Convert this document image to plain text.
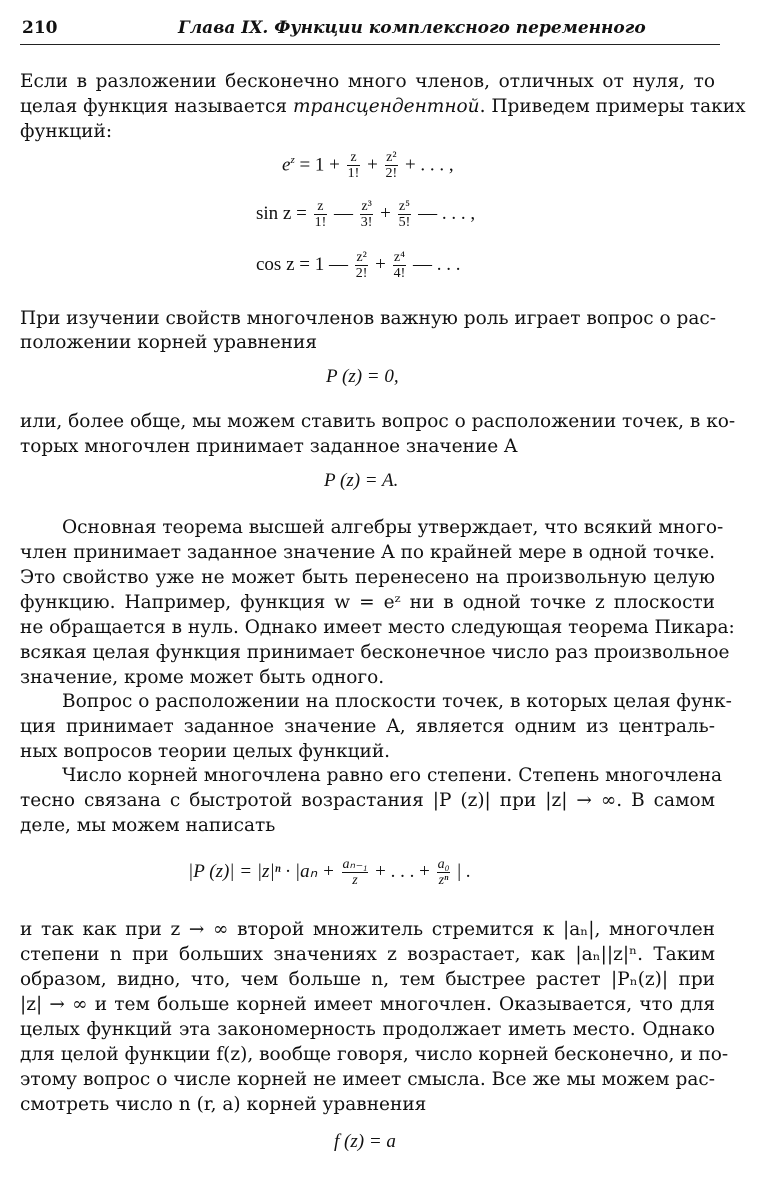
210	Глава IX. Функции комплексного переменного
Если в разложении бесконечно много членов, отличных от нуля, то
целая функция называется трансцендентной. Приведем примеры таких
функций:
$e^z = 1 + \frac{z}{1!} + \frac{\text{z²}}{2!}$ + . . . ,
$\sin z = \frac{z}{1!}$ — $\frac{\text{z³}}{3!} + \frac{\text{z⁵}}{5!}$ — . . . ,
cos z = 1 — $\frac{\text{z²}}{2!} + \frac{\text{z⁴}}{4!}$ — . . .
При изучении свойств многочленов важную роль играет вопрос о рас-
положении корней уравнения
P (z) = 0,
или, более обще, мы можем ставить вопрос о расположении точек, в ко-
торых многочлен принимает заданное значение A
P (z) = A.
Основная теорема высшей алгебры утверждает, что всякий много-
член принимает заданное значение A по крайней мере в одной точке.
Это свойство уже не может быть перенесено на произвольную целую
функцию. Например, функция w = eᶻ ни в одной точке z плоскости
не обращается в нуль. Однако имеет место следующая теорема Пикара:
всякая целая функция принимает бесконечное число раз произвольное
значение, кроме может быть одного.
Вопрос о расположении на плоскости точек, в которых целая функ-
ция принимает заданное значение A, является одним из централь-
ных вопросов теории целых функций.
Число корней многочлена равно его степени. Степень многочлена
тесно связана с быстротой возрастания |P (z)| при |z| → ∞. В самом
деле, мы можем написать
|P $(z)| = |z|^n \cdot |a_n + \frac{\text{aₙ₋₁}}{z}$ + . . . + $\frac{\text{a₀}}{\text{zⁿ}}$ | .
и так как при z → ∞ второй множитель стремится к |aₙ|, многочлен
степени n при больших значениях z возрастает, как |aₙ||z|ⁿ. Таким
образом, видно, что, чем больше n, тем быстрее растет |Pₙ(z)| при
|z| → ∞ и тем больше корней имеет многочлен. Оказывается, что для
целых функций эта закономерность продолжает иметь место. Однако
для целой функции f(z), вообще говоря, число корней бесконечно, и по-
этому вопрос о числе корней не имеет смысла. Все же мы можем рас-
смотреть число n (r, a) корней уравнения
f (z) = a
